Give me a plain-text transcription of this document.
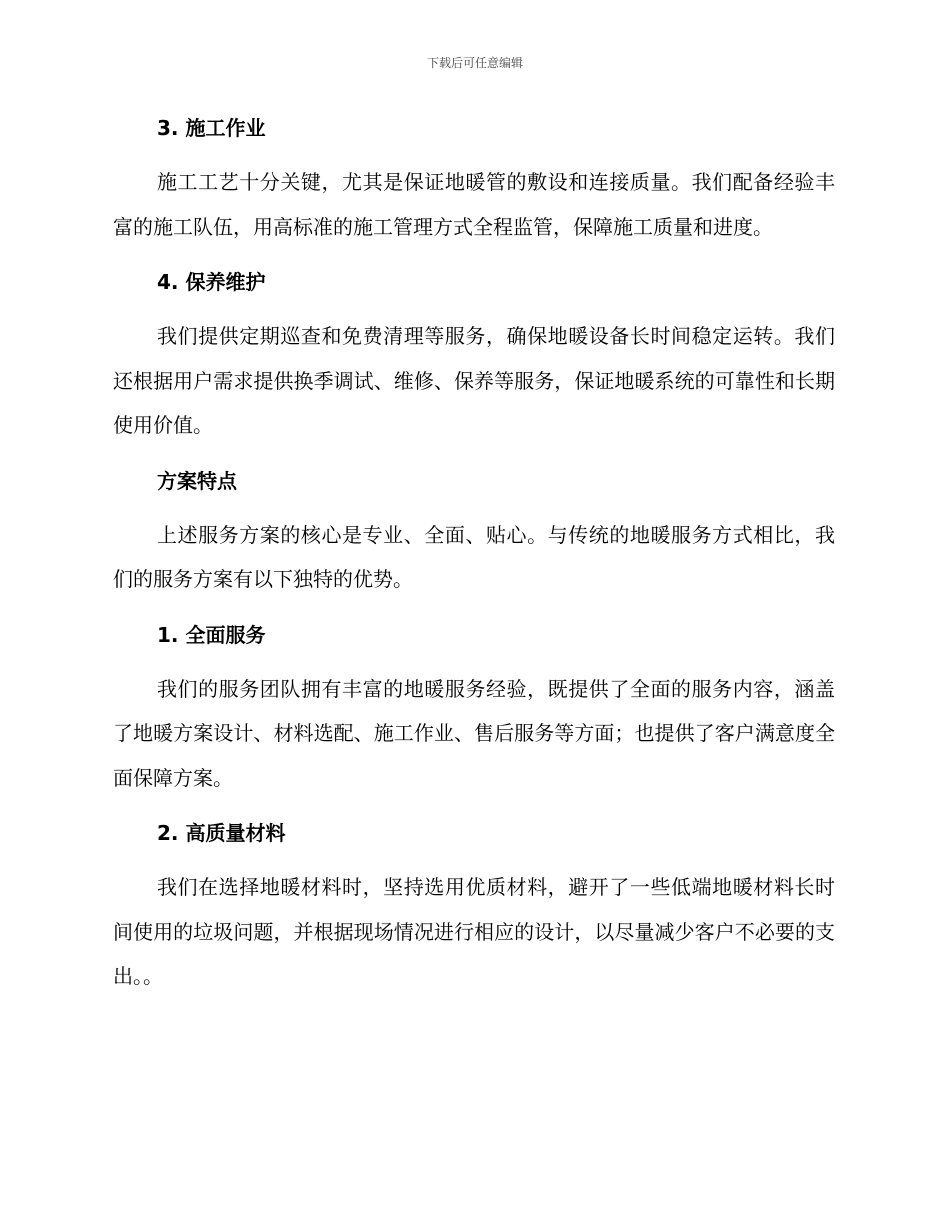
下载后可任意编辑
3. 施工作业

施工工艺十分关键，尤其是保证地暖管的敷设和连接质量。我们配备经验丰富的施工队伍，用高标准的施工管理方式全程监管，保障施工质量和进度。

4. 保养维护

我们提供定期巡查和免费清理等服务，确保地暖设备长时间稳定运转。我们还根据用户需求提供换季调试、维修、保养等服务，保证地暖系统的可靠性和长期使用价值。

方案特点

上述服务方案的核心是专业、全面、贴心。与传统的地暖服务方式相比，我们的服务方案有以下独特的优势。

1. 全面服务

我们的服务团队拥有丰富的地暖服务经验，既提供了全面的服务内容，涵盖了地暖方案设计、材料选配、施工作业、售后服务等方面；也提供了客户满意度全面保障方案。

2. 高质量材料

我们在选择地暖材料时，坚持选用优质材料，避开了一些低端地暖材料长时间使用的垃圾问题，并根据现场情况进行相应的设计，以尽量减少客户不必要的支出。。
